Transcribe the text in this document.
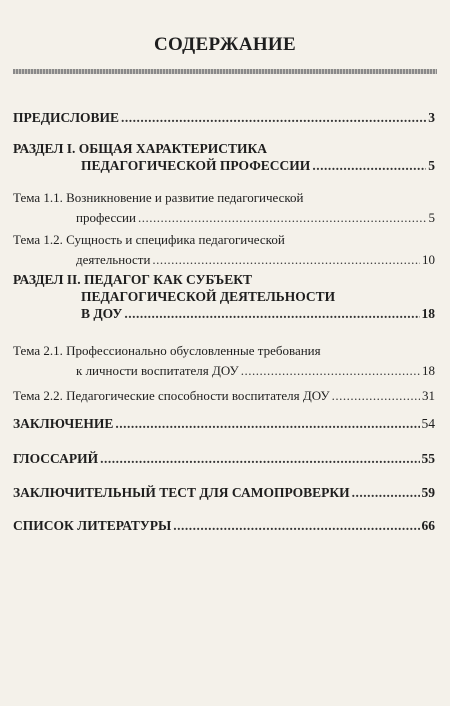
СОДЕРЖАНИЕ
ПРЕДИСЛОВИЕ .....	3
РАЗДЕЛ I. ОБЩАЯ ХАРАКТЕРИСТИКА
ПЕДАГОГИЧЕСКОЙ ПРОФЕССИИ .....	5
Тема 1.1. Возникновение и развитие педагогической
профессии .....	5
Тема 1.2. Сущность и специфика педагогической
деятельности .....	10
РАЗДЕЛ II. ПЕДАГОГ КАК СУБЪЕКТ
ПЕДАГОГИЧЕСКОЙ ДЕЯТЕЛЬНОСТИ
В ДОУ .....	18
Тема 2.1. Профессионально обусловленные требования
к личности воспитателя ДОУ .....	18
Тема 2.2. Педагогические способности воспитателя ДОУ .....	31
ЗАКЛЮЧЕНИЕ .....	54
ГЛОССАРИЙ .....	55
ЗАКЛЮЧИТЕЛЬНЫЙ ТЕСТ ДЛЯ САМОПРОВЕРКИ .....	59
СПИСОК ЛИТЕРАТУРЫ .....	66
